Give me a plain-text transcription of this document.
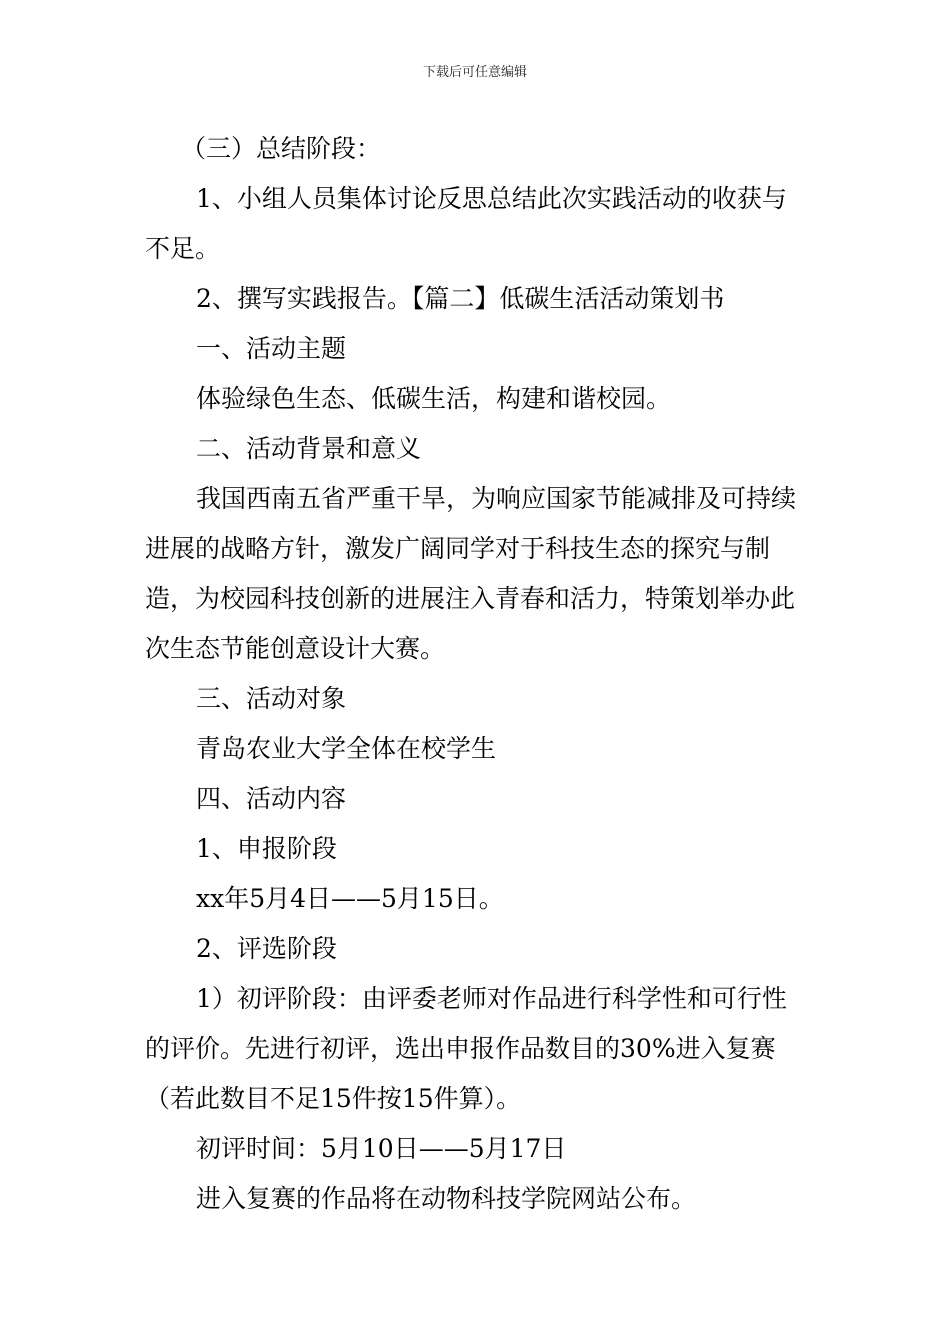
下载后可任意编辑

（三）总结阶段：

1、小组人员集体讨论反思总结此次实践活动的收获与不足。

2、撰写实践报告。【篇二】低碳生活活动策划书

一、活动主题

体验绿色生态、低碳生活，构建和谐校园。

二、活动背景和意义

我国西南五省严重干旱，为响应国家节能减排及可持续进展的战略方针，激发广阔同学对于科技生态的探究与制造，为校园科技创新的进展注入青春和活力，特策划举办此次生态节能创意设计大赛。

三、活动对象

青岛农业大学全体在校学生

四、活动内容

1、申报阶段

xx年5月4日——5月15日。

2、评选阶段

1）初评阶段：由评委老师对作品进行科学性和可行性的评价。先进行初评，选出申报作品数目的30%进入复赛（若此数目不足15件按15件算）。

初评时间：5月10日——5月17日

进入复赛的作品将在动物科技学院网站公布。
